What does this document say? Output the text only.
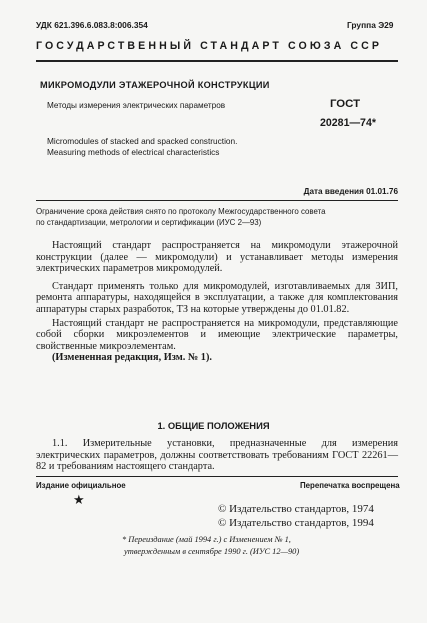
УДК 621.396.6.083.8:006.354	Группа Э29
ГОСУДАРСТВЕННЫЙ СТАНДАРТ СОЮЗА ССР
МИКРОМОДУЛИ ЭТАЖЕРОЧНОЙ КОНСТРУКЦИИ
Методы измерения электрических параметров	ГОСТ
20281—74*
Micromodules of stacked and spacked construction.
Measuring methods of electrical characteristics
Дата введения 01.01.76
Ограничение срока действия снято по протоколу Межгосударственного совета
по стандартизации, метрологии и сертификации (ИУС 2—93)

Настоящий стандарт распространяется на микромодули этажерочной конструкции (далее — микромодули) и устанавливает методы измерения электрических параметров микромодулей.

Стандарт применять только для микромодулей, изготавливаемых для ЗИП, ремонта аппаратуры, находящейся в эксплуатации, а также для комплектования аппаратуры старых разработок, ТЗ на которые утверждены до 01.01.82.

Настоящий стандарт не распространяется на микромодули, представляющие собой сборки микроэлементов и имеющие электрические параметры, свойственные микроэлементам.

(Измененная редакция, Изм. № 1).

1. ОБЩИЕ ПОЛОЖЕНИЯ

1.1. Измерительные установки, предназначенные для измерения электрических параметров, должны соответствовать требованиям ГОСТ 22261—82 и требованиям настоящего стандарта.

Издание официальное	Перепечатка воспрещена
★
© Издательство стандартов, 1974
© Издательство стандартов, 1994
* Переиздание (май 1994 г.) с Изменением № 1,
утвержденным в сентябре 1990 г. (ИУС 12—90)
